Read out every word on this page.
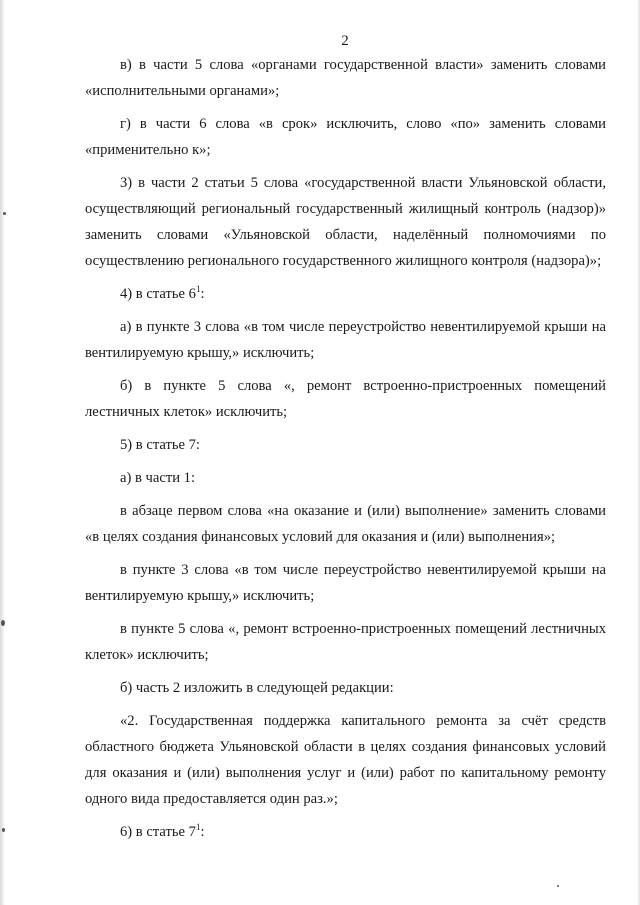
2

в) в части 5 слова «органами государственной власти» заменить словами «исполнительными органами»;

г) в части 6 слова «в срок» исключить, слово «по» заменить словами «применительно к»;

3) в части 2 статьи 5 слова «государственной власти Ульяновской области, осуществляющий региональный государственный жилищный контроль (надзор)» заменить словами «Ульяновской области, наделённый полномочиями по осуществлению регионального государственного жилищного контроля (надзора)»;

4) в статье $6^1$:

а) в пункте 3 слова «в том числе переустройство невентилируемой крыши на вентилируемую крышу,» исключить;

б) в пункте 5 слова «, ремонт встроенно-пристроенных помещений лестничных клеток» исключить;

5) в статье 7:

а) в части 1:

в абзаце первом слова «на оказание и (или) выполнение» заменить словами «в целях создания финансовых условий для оказания и (или) выполнения»;

в пункте 3 слова «в том числе переустройство невентилируемой крыши на вентилируемую крышу,» исключить;

в пункте 5 слова «, ремонт встроенно-пристроенных помещений лестничных клеток» исключить;

б) часть 2 изложить в следующей редакции:

«2. Государственная поддержка капитального ремонта за счёт средств областного бюджета Ульяновской области в целях создания финансовых условий для оказания и (или) выполнения услуг и (или) работ по капитальному ремонту одного вида предоставляется один раз.»;

6) в статье $7^1$:
